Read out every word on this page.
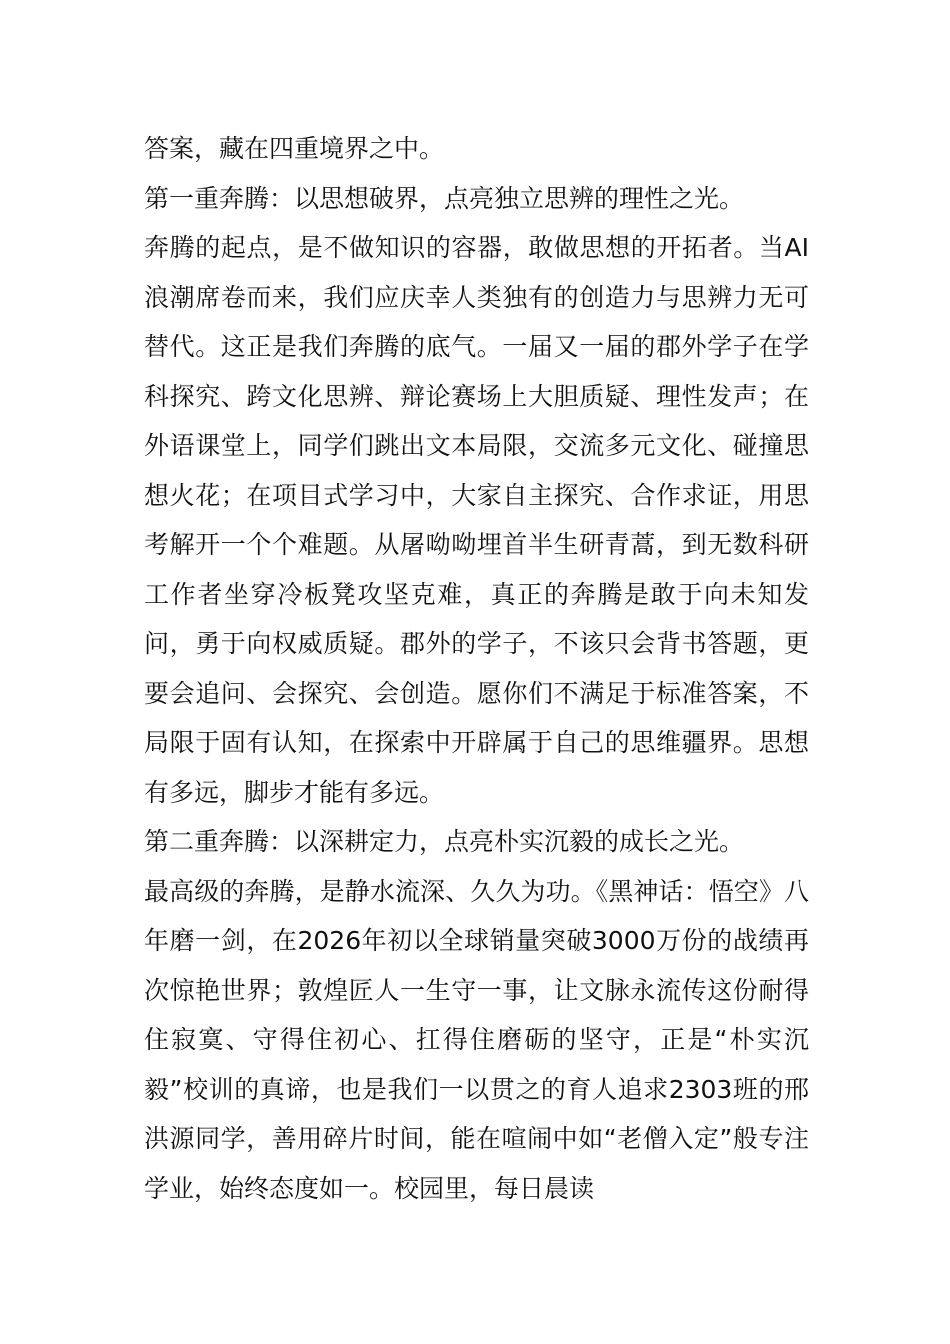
答案，藏在四重境界之中。

第一重奔腾：以思想破界，点亮独立思辨的理性之光。

奔腾的起点，是不做知识的容器，敢做思想的开拓者。当AI浪潮席卷而来，我们应庆幸人类独有的创造力与思辨力无可替代。这正是我们奔腾的底气。一届又一届的郡外学子在学科探究、跨文化思辨、辩论赛场上大胆质疑、理性发声；在外语课堂上，同学们跳出文本局限，交流多元文化、碰撞思想火花；在项目式学习中，大家自主探究、合作求证，用思考解开一个个难题。从屠呦呦埋首半生研青蒿，到无数科研工作者坐穿冷板凳攻坚克难，真正的奔腾是敢于向未知发问，勇于向权威质疑。郡外的学子，不该只会背书答题，更要会追问、会探究、会创造。愿你们不满足于标准答案，不局限于固有认知，在探索中开辟属于自己的思维疆界。思想有多远，脚步才能有多远。

第二重奔腾：以深耕定力，点亮朴实沉毅的成长之光。

最高级的奔腾，是静水流深、久久为功。《黑神话：悟空》八年磨一剑，在2026年初以全球销量突破3000万份的战绩再次惊艳世界；敦煌匠人一生守一事，让文脉永流传这份耐得住寂寞、守得住初心、扛得住磨砺的坚守，正是“朴实沉毅”校训的真谛，也是我们一以贯之的育人追求2303班的邢洪源同学，善用碎片时间，能在喧闹中如“老僧入定”般专注学业，始终态度如一。校园里，每日晨读
